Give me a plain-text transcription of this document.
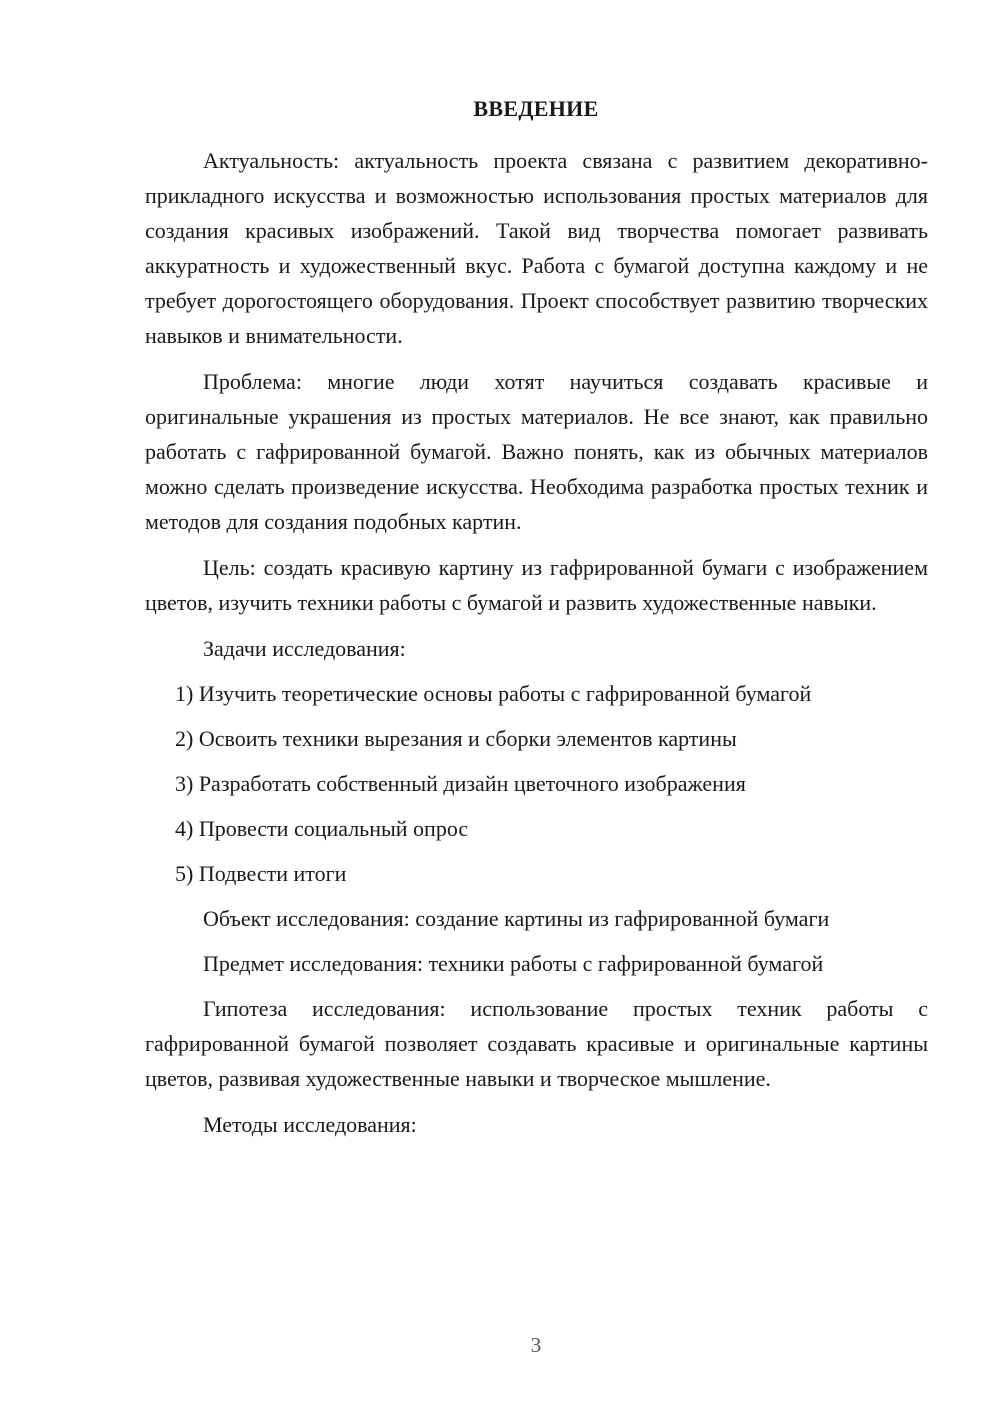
ВВЕДЕНИЕ

Актуальность: актуальность проекта связана с развитием декоративно-прикладного искусства и возможностью использования простых материалов для создания красивых изображений. Такой вид творчества помогает развивать аккуратность и художественный вкус. Работа с бумагой доступна каждому и не требует дорогостоящего оборудования. Проект способствует развитию творческих навыков и внимательности.

Проблема: многие люди хотят научиться создавать красивые и оригинальные украшения из простых материалов. Не все знают, как правильно работать с гафрированной бумагой. Важно понять, как из обычных материалов можно сделать произведение искусства. Необходима разработка простых техник и методов для создания подобных картин.

Цель: создать красивую картину из гафрированной бумаги с изображением цветов, изучить техники работы с бумагой и развить художественные навыки.

Задачи исследования:

1) Изучить теоретические основы работы с гафрированной бумагой
2) Освоить техники вырезания и сборки элементов картины
3) Разработать собственный дизайн цветочного изображения
4) Провести социальный опрос
5) Подвести итоги

Объект исследования: создание картины из гафрированной бумаги

Предмет исследования: техники работы с гафрированной бумагой

Гипотеза исследования: использование простых техник работы с гафрированной бумагой позволяет создавать красивые и оригинальные картины цветов, развивая художественные навыки и творческое мышление.

Методы исследования:

3
